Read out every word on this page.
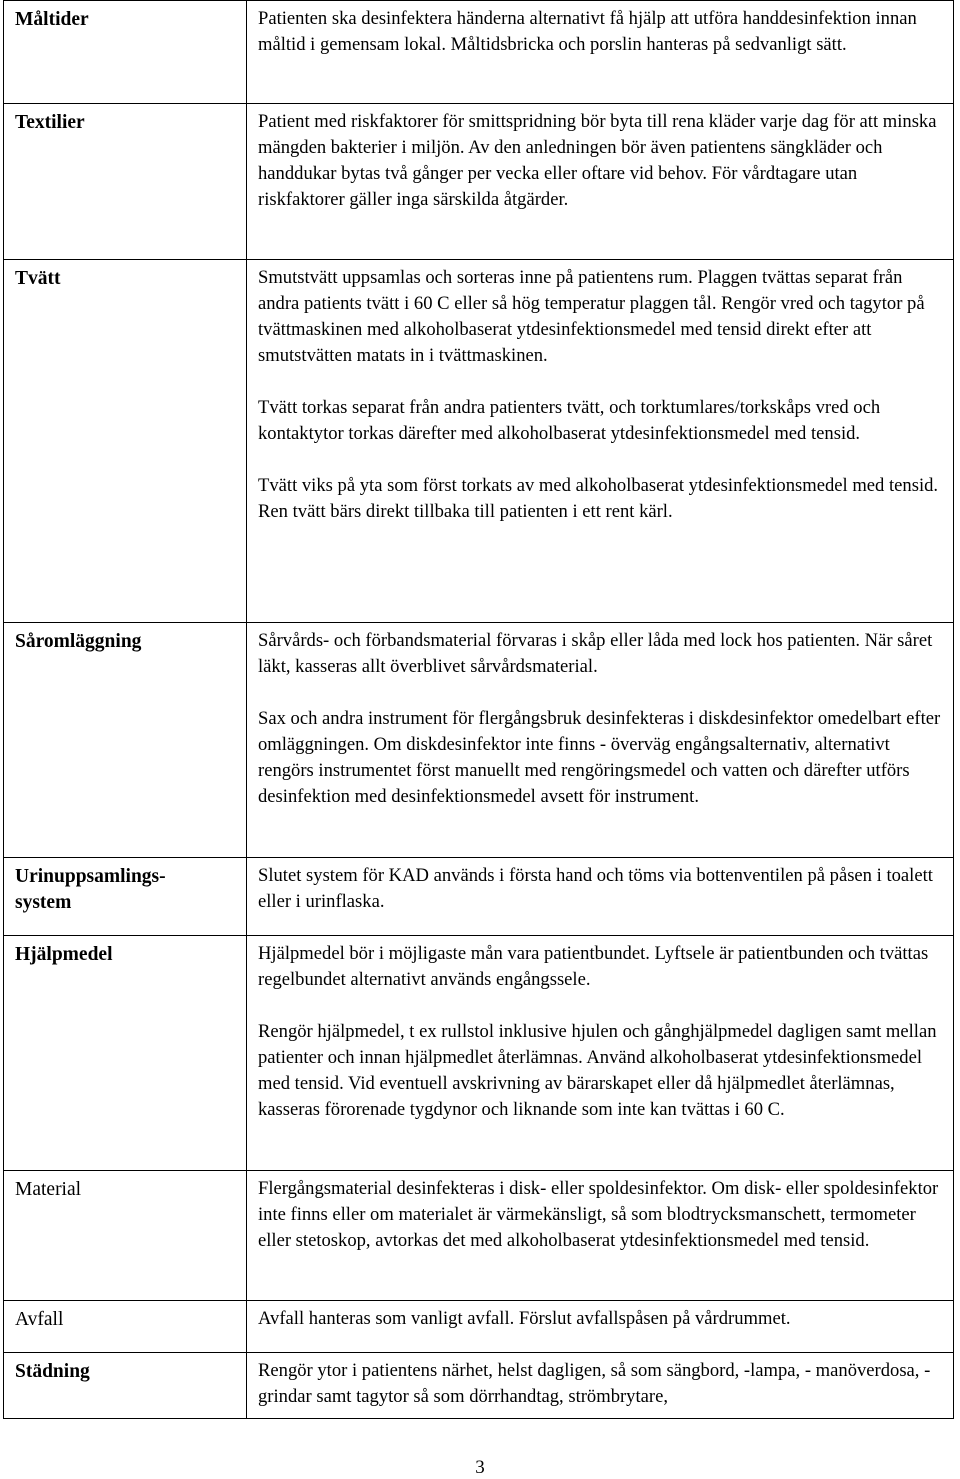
Måltider	Patienten ska desinfektera händerna alternativt få hjälp att utföra handdesinfektion innan måltid i gemensam lokal. Måltidsbricka och porslin hanteras på sedvanligt sätt.

Textilier	Patient med riskfaktorer för smittspridning bör byta till rena kläder varje dag för att minska mängden bakterier i miljön. Av den anledningen bör även patientens sängkläder och handdukar bytas två gånger per vecka eller oftare vid behov. För vårdtagare utan riskfaktorer gäller inga särskilda åtgärder.

Tvätt	Smutstvätt uppsamlas och sorteras inne på patientens rum. Plaggen tvättas separat från andra patients tvätt i 60 C eller så hög temperatur plaggen tål. Rengör vred och tagytor på tvättmaskinen med alkoholbaserat ytdesinfektionsmedel med tensid direkt efter att smutstvätten matats in i tvättmaskinen.

Tvätt torkas separat från andra patienters tvätt, och torktumlares/torkskåps vred och kontaktytor torkas därefter med alkoholbaserat ytdesinfektionsmedel med tensid.

Tvätt viks på yta som först torkats av med alkoholbaserat ytdesinfektionsmedel med tensid. Ren tvätt bärs direkt tillbaka till patienten i ett rent kärl.

Såromläggning	Sårvårds- och förbandsmaterial förvaras i skåp eller låda med lock hos patienten. När såret läkt, kasseras allt överblivet sårvårdsmaterial.

Sax och andra instrument för flergångsbruk desinfekteras i diskdesinfektor omedelbart efter omläggningen. Om diskdesinfektor inte finns - överväg engångsalternativ, alternativt rengörs instrumentet först manuellt med rengöringsmedel och vatten och därefter utförs desinfektion med desinfektionsmedel avsett för instrument.

Urinuppsamlings-
system	Slutet system för KAD används i första hand och töms via bottenventilen på påsen i toalett eller i urinflaska.

Hjälpmedel	Hjälpmedel bör i möjligaste mån vara patientbundet. Lyftsele är patientbunden och tvättas regelbundet alternativt används engångssele.

Rengör hjälpmedel, t ex rullstol inklusive hjulen och gånghjälpmedel dagligen samt mellan patienter och innan hjälpmedlet återlämnas. Använd alkoholbaserat ytdesinfektionsmedel med tensid. Vid eventuell avskrivning av bärarskapet eller då hjälpmedlet återlämnas, kasseras förorenade tygdynor och liknande som inte kan tvättas i 60 C.

Material	Flergångsmaterial desinfekteras i disk- eller spoldesinfektor. Om disk- eller spoldesinfektor inte finns eller om materialet är värmekänsligt, så som blodtrycksmanschett, termometer eller stetoskop, avtorkas det med alkoholbaserat ytdesinfektionsmedel med tensid.

Avfall	Avfall hanteras som vanligt avfall. Förslut avfallspåsen på vårdrummet.

Städning	Rengör ytor i patientens närhet, helst dagligen, så som sängbord, -lampa, - manöverdosa, -grindar samt tagytor så som dörrhandtag, strömbrytare,

3
